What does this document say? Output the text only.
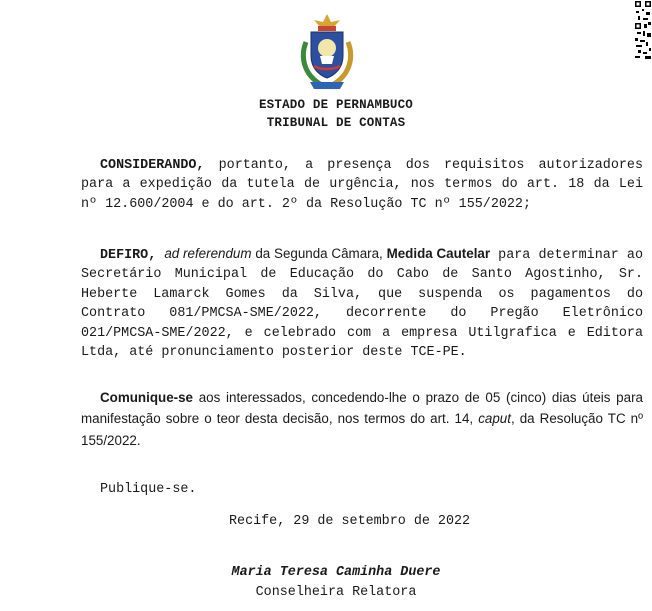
ESTADO DE PERNAMBUCO
TRIBUNAL DE CONTAS

CONSIDERANDO, portanto, a presença dos requisitos autorizadores para a expedição da tutela de urgência, nos termos do art. 18 da Lei nº 12.600/2004 e do art. 2º da Resolução TC nº 155/2022;

DEFIRO, ad referendum da Segunda Câmara, Medida Cautelar para determinar ao Secretário Municipal de Educação do Cabo de Santo Agostinho, Sr. Heberte Lamarck Gomes da Silva, que suspenda os pagamentos do Contrato 081/PMCSA-SME/2022, decorrente do Pregão Eletrônico 021/PMCSA-SME/2022, e celebrado com a empresa Utilgrafica e Editora Ltda, até pronunciamento posterior deste TCE-PE.

Comunique-se aos interessados, concedendo-lhe o prazo de 05 (cinco) dias úteis para manifestação sobre o teor desta decisão, nos termos do art. 14, caput, da Resolução TC nº 155/2022.

Publique-se.
Recife, 29 de setembro de 2022
Maria Teresa Caminha Duere
Conselheira Relatora
